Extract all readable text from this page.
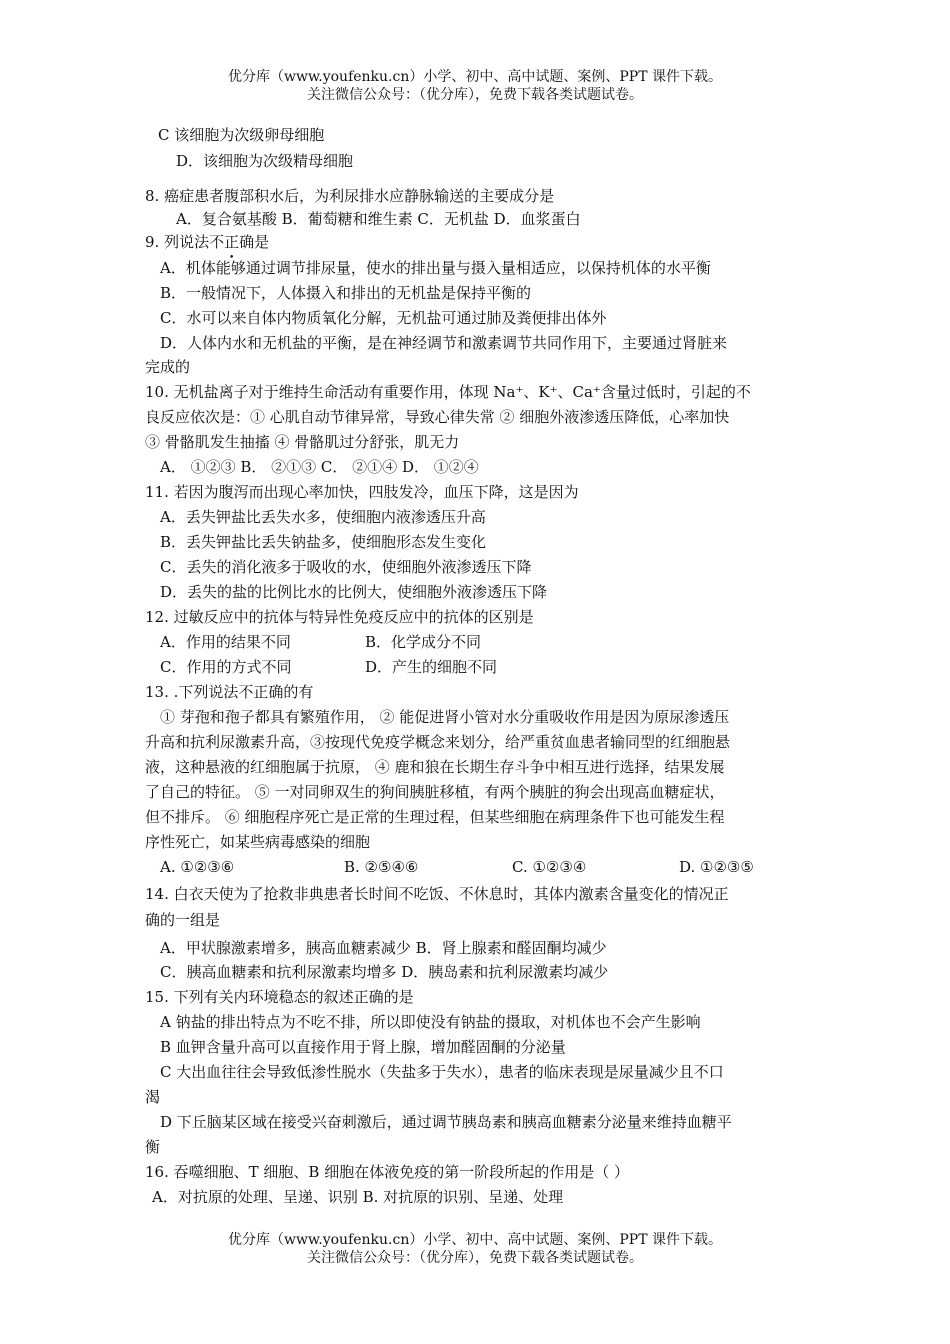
优分库（www.youfenku.cn）小学、初中、高中试题、案例、PPT 课件下载。
关注微信公众号：（优分库），免费下载各类试题试卷。
C 该细胞为次级卵母细胞
D．该细胞为次级精母细胞
8. 癌症患者腹部积水后，为利尿排水应静脉输送的主要成分是
A．复合氨基酸 B．葡萄糖和维生素 C．无机盐 D．血浆蛋白
9. 列说法不正确是
A．机体能够通过调节排尿量，使水的排出量与摄入量相适应，以保持机体的水平衡
B．一般情况下，人体摄入和排出的无机盐是保持平衡的
C．水可以来自体内物质氧化分解，无机盐可通过肺及粪便排出体外
D．人体内水和无机盐的平衡，是在神经调节和激素调节共同作用下，主要通过肾脏来
完成的
10. 无机盐离子对于维持生命活动有重要作用，体现 Na⁺、K⁺、Ca⁺含量过低时，引起的不
良反应依次是：① 心肌自动节律异常，导致心律失常 ② 细胞外液渗透压降低，心率加快
③ 骨骼肌发生抽搐 ④ 骨骼肌过分舒张，肌无力
A． ①②③ B． ②①③ C． ②①④ D． ①②④
11. 若因为腹泻而出现心率加快，四肢发冷，血压下降，这是因为
A．丢失钾盐比丢失水多，使细胞内液渗透压升高
B．丢失钾盐比丢失钠盐多，使细胞形态发生变化
C．丢失的消化液多于吸收的水，使细胞外液渗透压下降
D．丢失的盐的比例比水的比例大，使细胞外液渗透压下降
12. 过敏反应中的抗体与特异性免疫反应中的抗体的区别是
A．作用的结果不同	B．化学成分不同
C．作用的方式不同	D．产生的细胞不同
13. .下列说法不正确的有
① 芽孢和孢子都具有繁殖作用， ② 能促进肾小管对水分重吸收作用是因为原尿渗透压
升高和抗利尿激素升高，③按现代免疫学概念来划分，给严重贫血患者输同型的红细胞悬
液，这种悬液的红细胞属于抗原， ④ 鹿和狼在长期生存斗争中相互进行选择，结果发展
了自己的特征。 ⑤ 一对同卵双生的狗间胰脏移植，有两个胰脏的狗会出现高血糖症状，
但不排斥。 ⑥ 细胞程序死亡是正常的生理过程，但某些细胞在病理条件下也可能发生程
序性死亡，如某些病毒感染的细胞
A. ①②③⑥	B. ②⑤④⑥	C. ①②③④	D. ①②③⑤
14. 白衣天使为了抢救非典患者长时间不吃饭、不休息时，其体内激素含量变化的情况正
确的一组是
A．甲状腺激素增多，胰高血糖素减少 B．肾上腺素和醛固酮均减少
C．胰高血糖素和抗利尿激素均增多 D．胰岛素和抗利尿激素均减少
15. 下列有关内环境稳态的叙述正确的是
A 钠盐的排出特点为不吃不排，所以即使没有钠盐的摄取，对机体也不会产生影响
B 血钾含量升高可以直接作用于肾上腺，增加醛固酮的分泌量
C 大出血往往会导致低渗性脱水（失盐多于失水），患者的临床表现是尿量减少且不口
渴
D 下丘脑某区域在接受兴奋刺激后，通过调节胰岛素和胰高血糖素分泌量来维持血糖平
衡
16. 吞噬细胞、T 细胞、B 细胞在体液免疫的第一阶段所起的作用是（ ）
A．对抗原的处理、呈递、识别 B. 对抗原的识别、呈递、处理
优分库（www.youfenku.cn）小学、初中、高中试题、案例、PPT 课件下载。
关注微信公众号：（优分库），免费下载各类试题试卷。
